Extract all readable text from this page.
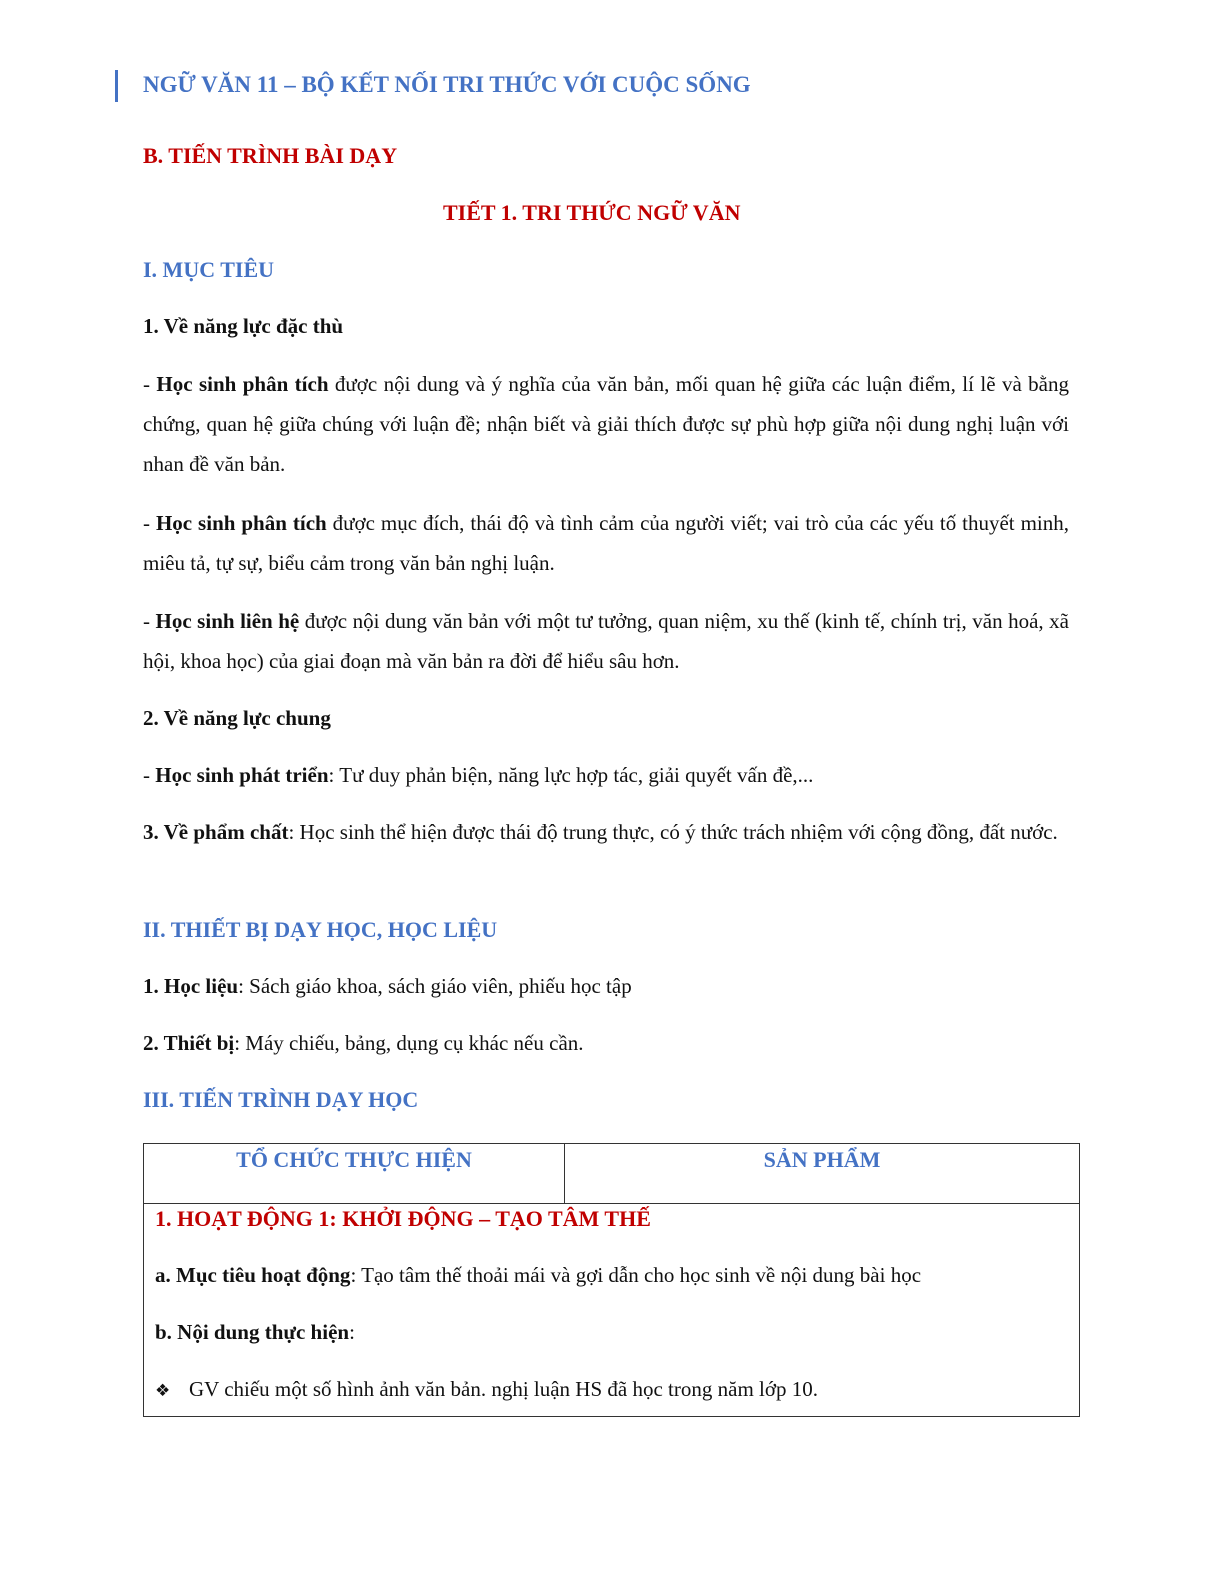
NGỮ VĂN 11 – BỘ KẾT NỐI TRI THỨC VỚI CUỘC SỐNG
B. TIẾN TRÌNH BÀI DẠY
TIẾT 1. TRI THỨC NGỮ VĂN
I. MỤC TIÊU
1. Về năng lực đặc thù
- Học sinh phân tích được nội dung và ý nghĩa của văn bản, mối quan hệ giữa các luận điểm, lí lẽ và bằng chứng, quan hệ giữa chúng với luận đề; nhận biết và giải thích được sự phù hợp giữa nội dung nghị luận với nhan đề văn bản.
- Học sinh phân tích được mục đích, thái độ và tình cảm của người viết; vai trò của các yếu tố thuyết minh, miêu tả, tự sự, biểu cảm trong văn bản nghị luận.
- Học sinh liên hệ được nội dung văn bản với một tư tưởng, quan niệm, xu thế (kinh tế, chính trị, văn hoá, xã hội, khoa học) của giai đoạn mà văn bản ra đời để hiểu sâu hơn.
2. Về năng lực chung
- Học sinh phát triển: Tư duy phản biện, năng lực hợp tác, giải quyết vấn đề,...
3. Về phẩm chất: Học sinh thể hiện được thái độ trung thực, có ý thức trách nhiệm với cộng đồng, đất nước.
II. THIẾT BỊ DẠY HỌC, HỌC LIỆU
1. Học liệu: Sách giáo khoa, sách giáo viên, phiếu học tập
2. Thiết bị: Máy chiếu, bảng, dụng cụ khác nếu cần.
III. TIẾN TRÌNH DẠY HỌC
TỔ CHỨC THỰC HIỆN	SẢN PHẨM

1. HOẠT ĐỘNG 1: KHỞI ĐỘNG – TẠO TÂM THẾ
a. Mục tiêu hoạt động: Tạo tâm thế thoải mái và gợi dẫn cho học sinh về nội dung bài học
b. Nội dung thực hiện:
❖ GV chiếu một số hình ảnh văn bản. nghị luận HS đã học trong năm lớp 10.
